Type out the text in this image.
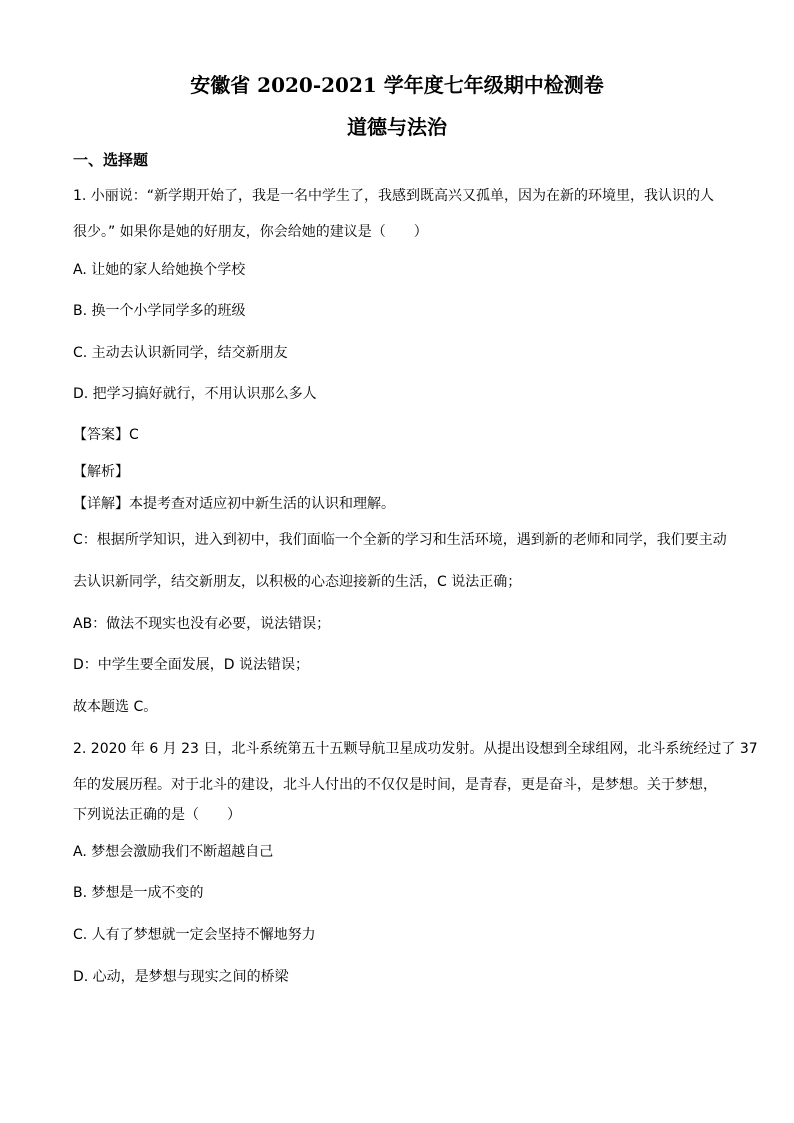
安徽省 2020-2021 学年度七年级期中检测卷
道德与法治
一、选择题
1. 小丽说：“新学期开始了，我是一名中学生了，我感到既高兴又孤单，因为在新的环境里，我认识的人
很少。” 如果你是她的好朋友，你会给她的建议是（　　）
A. 让她的家人给她换个学校
B. 换一个小学同学多的班级
C. 主动去认识新同学，结交新朋友
D. 把学习搞好就行，不用认识那么多人
【答案】C
【解析】
【详解】本提考查对适应初中新生活的认识和理解。
C：根据所学知识，进入到初中，我们面临一个全新的学习和生活环境，遇到新的老师和同学，我们要主动
去认识新同学，结交新朋友，以积极的心态迎接新的生活，C 说法正确；
AB：做法不现实也没有必要，说法错误；
D：中学生要全面发展，D 说法错误；
故本题选 C。
2. 2020 年 6 月 23 日，北斗系统第五十五颗导航卫星成功发射。从提出设想到全球组网，北斗系统经过了 37
年的发展历程。对于北斗的建设，北斗人付出的不仅仅是时间，是青春，更是奋斗，是梦想。关于梦想，
下列说法正确的是（　　）
A. 梦想会激励我们不断超越自己
B. 梦想是一成不变的
C. 人有了梦想就一定会坚持不懈地努力
D. 心动，是梦想与现实之间的桥梁
